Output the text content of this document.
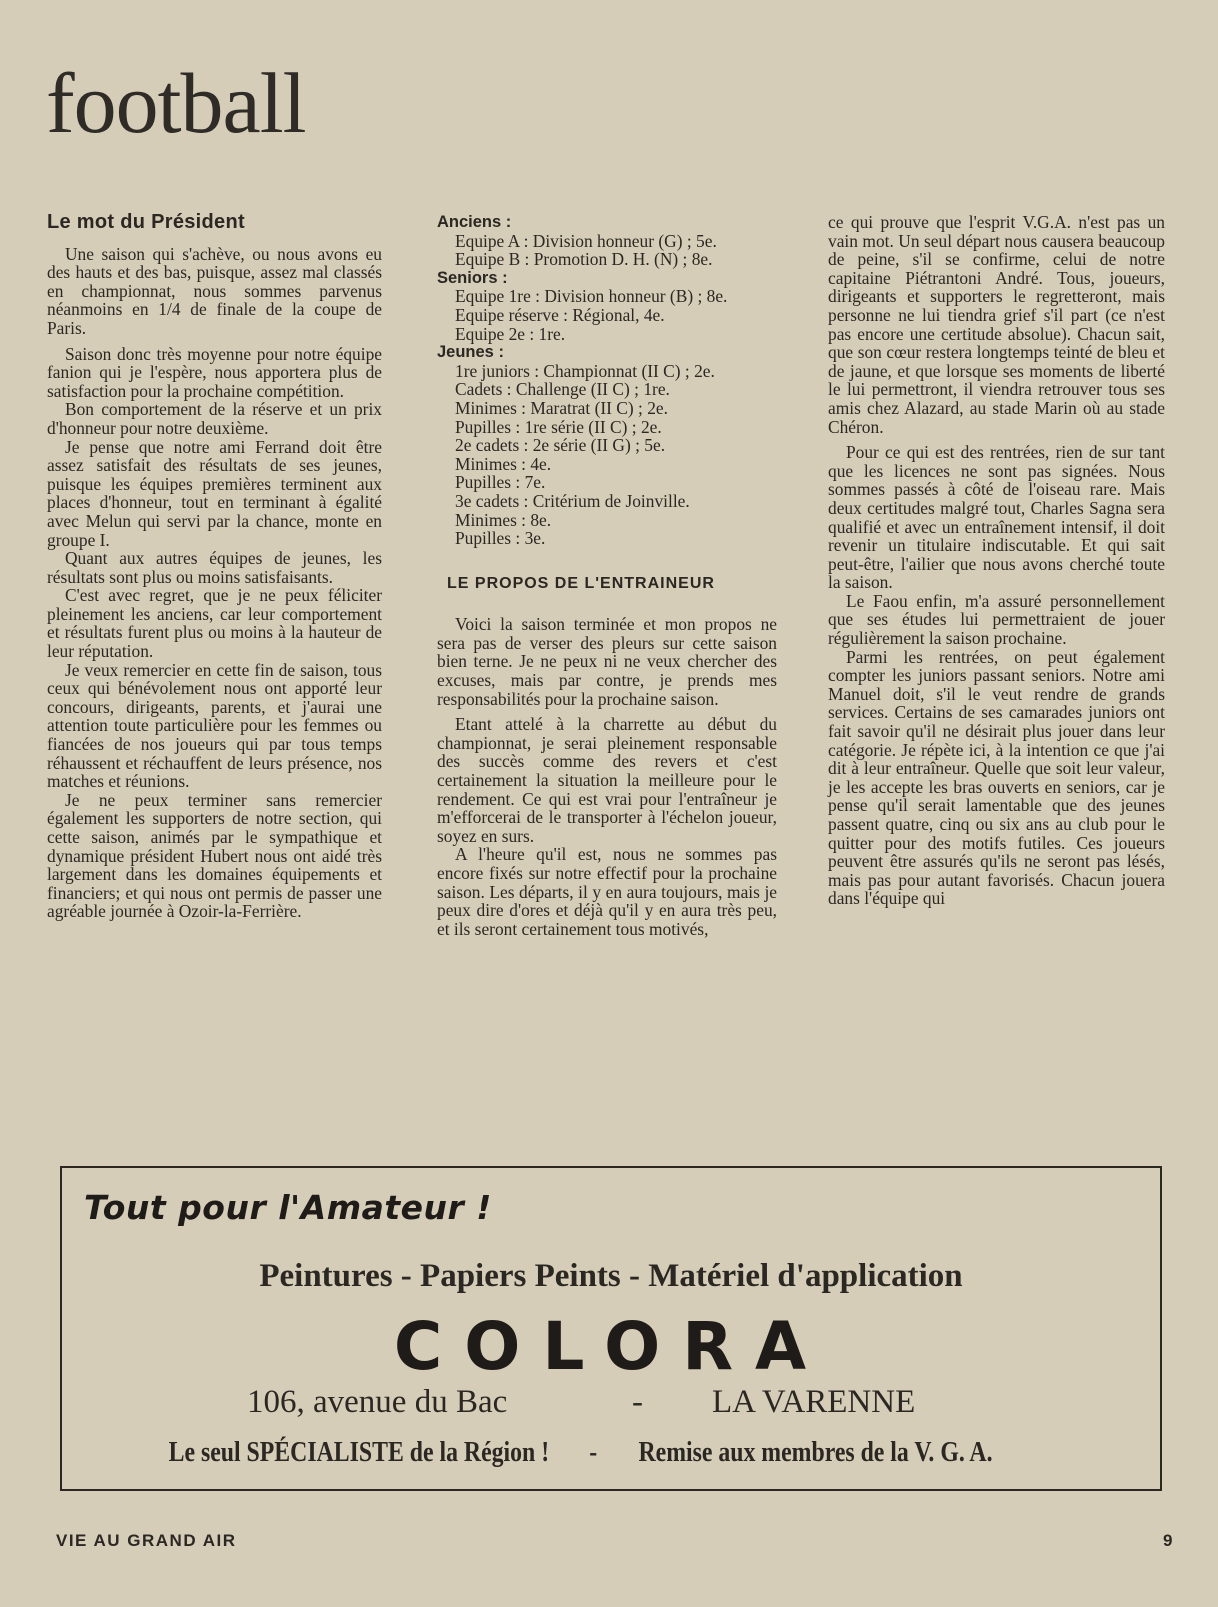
football
Le mot du Président

Une saison qui s'achève, ou nous avons eu des hauts et des bas, puisque, assez mal classés en championnat, nous sommes parvenus néanmoins en 1/4 de finale de la coupe de Paris.

Saison donc très moyenne pour notre équipe fanion qui je l'espère, nous apportera plus de satisfaction pour la prochaine compétition.

Bon comportement de la réserve et un prix d'honneur pour notre deuxième.

Je pense que notre ami Ferrand doit être assez satisfait des résultats de ses jeunes, puisque les équipes premières terminent aux places d'honneur, tout en terminant à égalité avec Melun qui servi par la chance, monte en groupe I.

Quant aux autres équipes de jeunes, les résultats sont plus ou moins satisfaisants.

C'est avec regret, que je ne peux féliciter pleinement les anciens, car leur comportement et résultats furent plus ou moins à la hauteur de leur réputation.

Je veux remercier en cette fin de saison, tous ceux qui bénévolement nous ont apporté leur concours, dirigeants, parents, et j'aurai une attention toute particulière pour les femmes ou fiancées de nos joueurs qui par tous temps réhaussent et réchauffent de leurs présence, nos matches et réunions.

Je ne peux terminer sans remercier également les supporters de notre section, qui cette saison, animés par le sympathique et dynamique président Hubert nous ont aidé très largement dans les domaines équipements et financiers; et qui nous ont permis de passer une agréable journée à Ozoir-la-Ferrière.

Anciens :

Equipe A : Division honneur (G) ; 5e.

Equipe B : Promotion D. H. (N) ; 8e.

Seniors :

Equipe 1re : Division honneur (B) ; 8e.

Equipe réserve : Régional, 4e.

Equipe 2e : 1re.

Jeunes :

1re juniors : Championnat (II C) ; 2e.

Cadets : Challenge (II C) ; 1re.

Minimes : Maratrat (II C) ; 2e.

Pupilles : 1re série (II C) ; 2e.

2e cadets : 2e série (II G) ; 5e.

Minimes : 4e.

Pupilles : 7e.

3e cadets : Critérium de Joinville.

Minimes : 8e.

Pupilles : 3e.

LE PROPOS DE L'ENTRAINEUR

Voici la saison terminée et mon propos ne sera pas de verser des pleurs sur cette saison bien terne. Je ne peux ni ne veux chercher des excuses, mais par contre, je prends mes responsabilités pour la prochaine saison.

Etant attelé à la charrette au début du championnat, je serai pleinement responsable des succès comme des revers et c'est certainement la situation la meilleure pour le rendement. Ce qui est vrai pour l'entraîneur je m'efforcerai de le transporter à l'échelon joueur, soyez en surs.

A l'heure qu'il est, nous ne sommes pas encore fixés sur notre effectif pour la prochaine saison. Les départs, il y en aura toujours, mais je peux dire d'ores et déjà qu'il y en aura très peu, et ils seront certainement tous motivés,

ce qui prouve que l'esprit V.G.A. n'est pas un vain mot. Un seul départ nous causera beaucoup de peine, s'il se confirme, celui de notre capitaine Piétrantoni André. Tous, joueurs, dirigeants et supporters le regretteront, mais personne ne lui tiendra grief s'il part (ce n'est pas encore une certitude absolue). Chacun sait, que son cœur restera longtemps teinté de bleu et de jaune, et que lorsque ses moments de liberté le lui permettront, il viendra retrouver tous ses amis chez Alazard, au stade Marin où au stade Chéron.

Pour ce qui est des rentrées, rien de sur tant que les licences ne sont pas signées. Nous sommes passés à côté de l'oiseau rare. Mais deux certitudes malgré tout, Charles Sagna sera qualifié et avec un entraînement intensif, il doit revenir un titulaire indiscutable. Et qui sait peut-être, l'ailier que nous avons cherché toute la saison.

Le Faou enfin, m'a assuré personnellement que ses études lui permettraient de jouer régulièrement la saison prochaine.

Parmi les rentrées, on peut également compter les juniors passant seniors. Notre ami Manuel doit, s'il le veut rendre de grands services. Certains de ses camarades juniors ont fait savoir qu'il ne désirait plus jouer dans leur catégorie. Je répète ici, à la intention ce que j'ai dit à leur entraîneur. Quelle que soit leur valeur, je les accepte les bras ouverts en seniors, car je pense qu'il serait lamentable que des jeunes passent quatre, cinq ou six ans au club pour le quitter pour des motifs futiles. Ces joueurs peuvent être assurés qu'ils ne seront pas lésés, mais pas pour autant favorisés. Chacun jouera dans l'équipe qui

Tout pour l'Amateur !
Peintures - Papiers Peints - Matériel d'application
COLORA
106, avenue du Bac	- LA VARENNE
Le seul SPÉCIALISTE de la Région ! - Remise aux membres de la V. G. A.
VIE AU GRAND AIR	9
